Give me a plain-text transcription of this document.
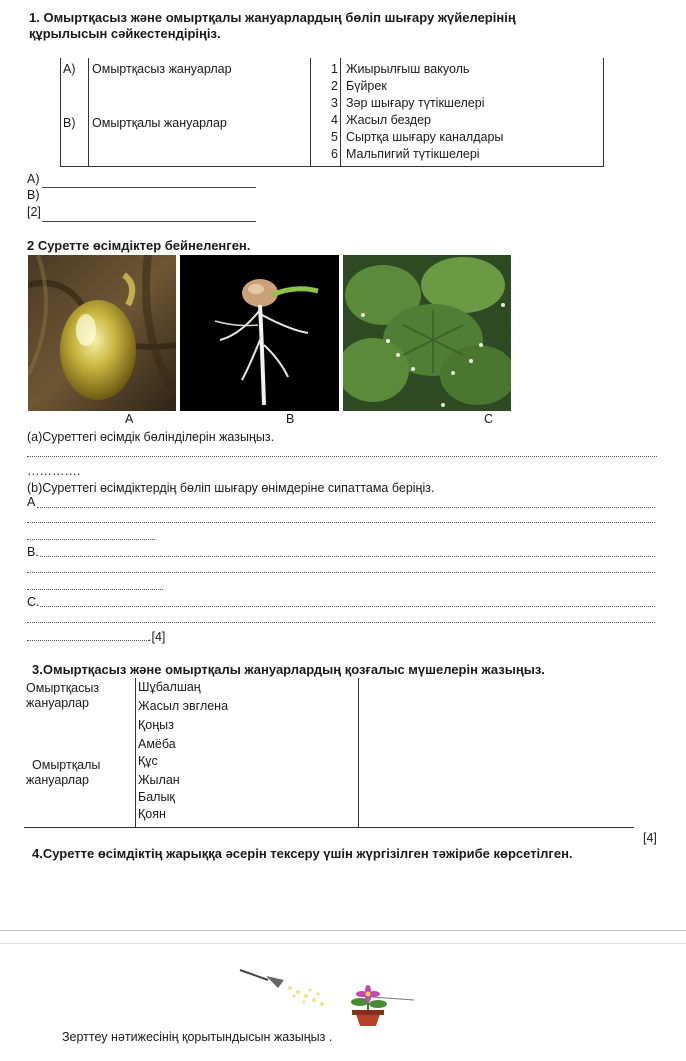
1. Омыртқасыз және омыртқалы жануарлардың бөліп шығару жүйелерінің
құрылысын сәйкестендіріңіз.
A) Омыртқасыз жануарлар
B) Омыртқалы жануарлар
1
2
3
4
5
6
Жиырылғыш вакуоль
Бүйрек
Зәр шығару түтікшелері
Жасыл бездер
Сыртқа шығару каналдары
Мальпигий түтікшелері
A)
B)
[2]
2 Суретте өсімдіктер бейнеленген.
A	B	C
(a)Суреттегі өсімдік бөлінділерін жазыңыз.
………….
(b)Суреттегі өсімдіктердің бөліп шығару өнімдеріне сипаттама беріңіз.
A
B.
C.
.[4]
3.Омыртқасыз және омыртқалы жануарлардың қозғалыс мүшелерін жазыңыз.
Омыртқасыз
жануарлар
Омыртқалы
жануарлар
Шұбалшаң
Жасыл эвглена
Қоңыз
Амёба
Құс
Жылан
Балық
Қоян
[4]
4.Суретте өсімдіктің жарыққа әсерін тексеру үшін жүргізілген тәжірибе көрсетілген.
Зерттеу нәтижесінің қорытындысын жазыңыз .
